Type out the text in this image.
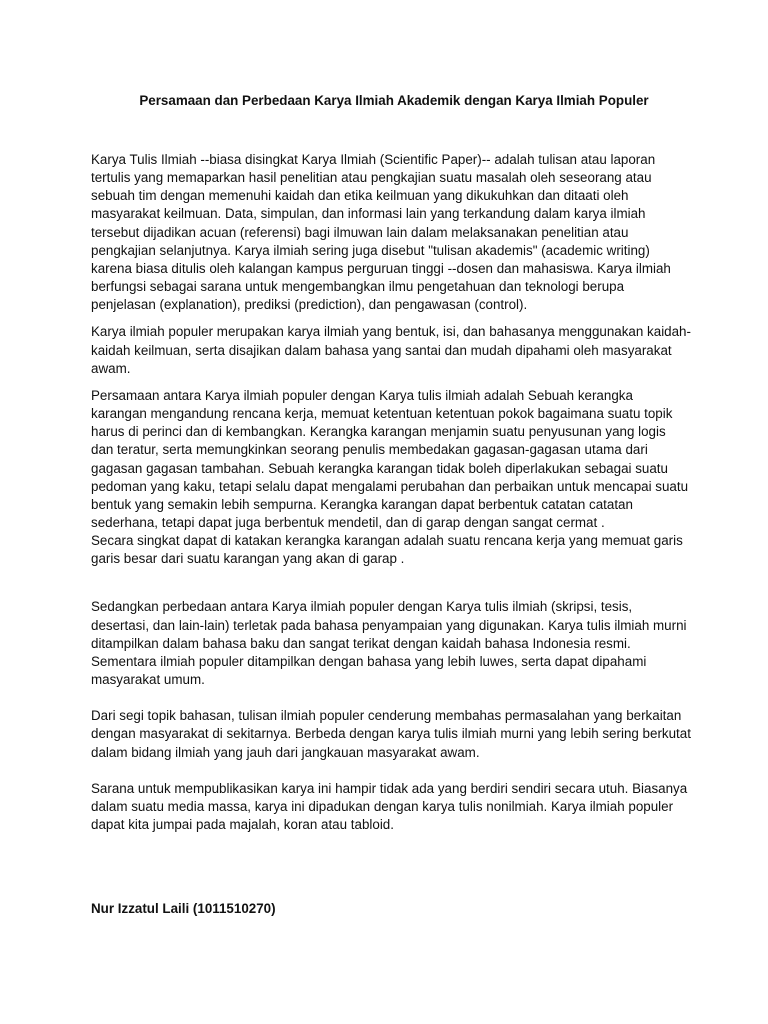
Persamaan dan Perbedaan Karya Ilmiah Akademik dengan Karya Ilmiah Populer

Karya Tulis Ilmiah --biasa disingkat Karya Ilmiah (Scientific Paper)-- adalah tulisan atau laporan tertulis yang memaparkan hasil penelitian atau pengkajian suatu masalah oleh seseorang atau sebuah tim dengan memenuhi kaidah dan etika keilmuan yang dikukuhkan dan ditaati oleh masyarakat keilmuan. Data, simpulan, dan informasi lain yang terkandung dalam karya ilmiah tersebut dijadikan acuan (referensi) bagi ilmuwan lain dalam melaksanakan penelitian atau pengkajian selanjutnya. Karya ilmiah sering juga disebut "tulisan akademis" (academic writing) karena biasa ditulis oleh kalangan kampus perguruan tinggi --dosen dan mahasiswa. Karya ilmiah berfungsi sebagai sarana untuk mengembangkan ilmu pengetahuan dan teknologi berupa penjelasan (explanation), prediksi (prediction), dan pengawasan (control).

Karya ilmiah populer merupakan karya ilmiah yang bentuk, isi, dan bahasanya menggunakan kaidah-kaidah keilmuan, serta disajikan dalam bahasa yang santai dan mudah dipahami oleh masyarakat awam.

Persamaan antara Karya ilmiah populer dengan Karya tulis ilmiah adalah Sebuah kerangka karangan mengandung rencana kerja, memuat ketentuan ketentuan pokok bagaimana suatu topik harus di perinci dan di kembangkan. Kerangka karangan menjamin suatu penyusunan yang logis dan teratur, serta memungkinkan seorang penulis membedakan gagasan-gagasan utama dari gagasan gagasan tambahan. Sebuah kerangka karangan tidak boleh diperlakukan sebagai suatu pedoman yang kaku, tetapi selalu dapat mengalami perubahan dan perbaikan untuk mencapai suatu bentuk yang semakin lebih sempurna. Kerangka karangan dapat berbentuk catatan catatan sederhana, tetapi dapat juga berbentuk mendetil, dan di garap dengan sangat cermat .

Secara singkat dapat di katakan kerangka karangan adalah suatu rencana kerja yang memuat garis garis besar dari suatu karangan yang akan di garap .

Sedangkan perbedaan antara Karya ilmiah populer dengan Karya tulis ilmiah (skripsi, tesis, desertasi, dan lain-lain) terletak pada bahasa penyampaian yang digunakan. Karya tulis ilmiah murni ditampilkan dalam bahasa baku dan sangat terikat dengan kaidah bahasa Indonesia resmi. Sementara ilmiah populer ditampilkan dengan bahasa yang lebih luwes, serta dapat dipahami masyarakat umum.

Dari segi topik bahasan, tulisan ilmiah populer cenderung membahas permasalahan yang berkaitan dengan masyarakat di sekitarnya. Berbeda dengan karya tulis ilmiah murni yang lebih sering berkutat dalam bidang ilmiah yang jauh dari jangkauan masyarakat awam.

Sarana untuk mempublikasikan karya ini hampir tidak ada yang berdiri sendiri secara utuh. Biasanya dalam suatu media massa, karya ini dipadukan dengan karya tulis nonilmiah. Karya ilmiah populer dapat kita jumpai pada majalah, koran atau tabloid.

Nur Izzatul Laili (1011510270)
